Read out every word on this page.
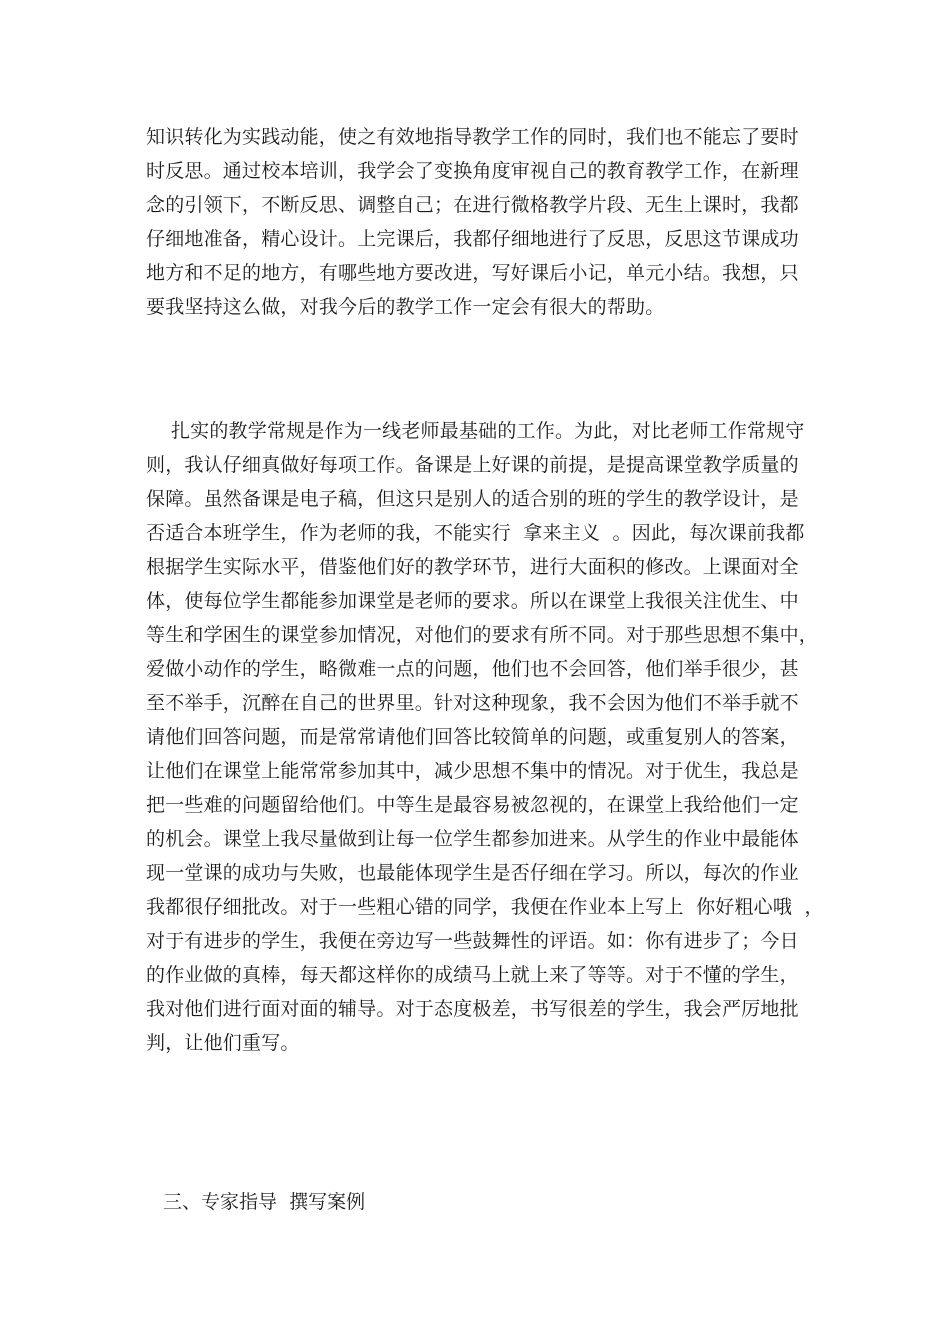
知识转化为实践动能，使之有效地指导教学工作的同时，我们也不能忘了要时
时反思。通过校本培训，我学会了变换角度审视自己的教育教学工作，在新理
念的引领下，不断反思、调整自己；在进行微格教学片段、无生上课时，我都
仔细地准备，精心设计。上完课后，我都仔细地进行了反思，反思这节课成功
地方和不足的地方，有哪些地方要改进，写好课后小记，单元小结。我想，只
要我坚持这么做，对我今后的教学工作一定会有很大的帮助。
扎实的教学常规是作为一线老师最基础的工作。为此，对比老师工作常规守
则，我认仔细真做好每项工作。备课是上好课的前提，是提高课堂教学质量的
保障。虽然备课是电子稿，但这只是别人的适合别的班的学生的教学设计，是
否适合本班学生，作为老师的我，不能实行  拿来主义  。因此，每次课前我都
根据学生实际水平，借鉴他们好的教学环节，进行大面积的修改。上课面对全
体，使每位学生都能参加课堂是老师的要求。所以在课堂上我很关注优生、中
等生和学困生的课堂参加情况，对他们的要求有所不同。对于那些思想不集中，
爱做小动作的学生，略微难一点的问题，他们也不会回答，他们举手很少，甚
至不举手，沉醉在自己的世界里。针对这种现象，我不会因为他们不举手就不
请他们回答问题，而是常常请他们回答比较简单的问题，或重复别人的答案，
让他们在课堂上能常常参加其中，减少思想不集中的情况。对于优生，我总是
把一些难的问题留给他们。中等生是最容易被忽视的，在课堂上我给他们一定
的机会。课堂上我尽量做到让每一位学生都参加进来。从学生的作业中最能体
现一堂课的成功与失败，也最能体现学生是否仔细在学习。所以，每次的作业
我都很仔细批改。对于一些粗心错的同学，我便在作业本上写上  你好粗心哦  ，
对于有进步的学生，我便在旁边写一些鼓舞性的评语。如：你有进步了；今日
的作业做的真棒，每天都这样你的成绩马上就上来了等等。对于不懂的学生，
我对他们进行面对面的辅导。对于态度极差，书写很差的学生，我会严厉地批
判，让他们重写。
三、专家指导  撰写案例
